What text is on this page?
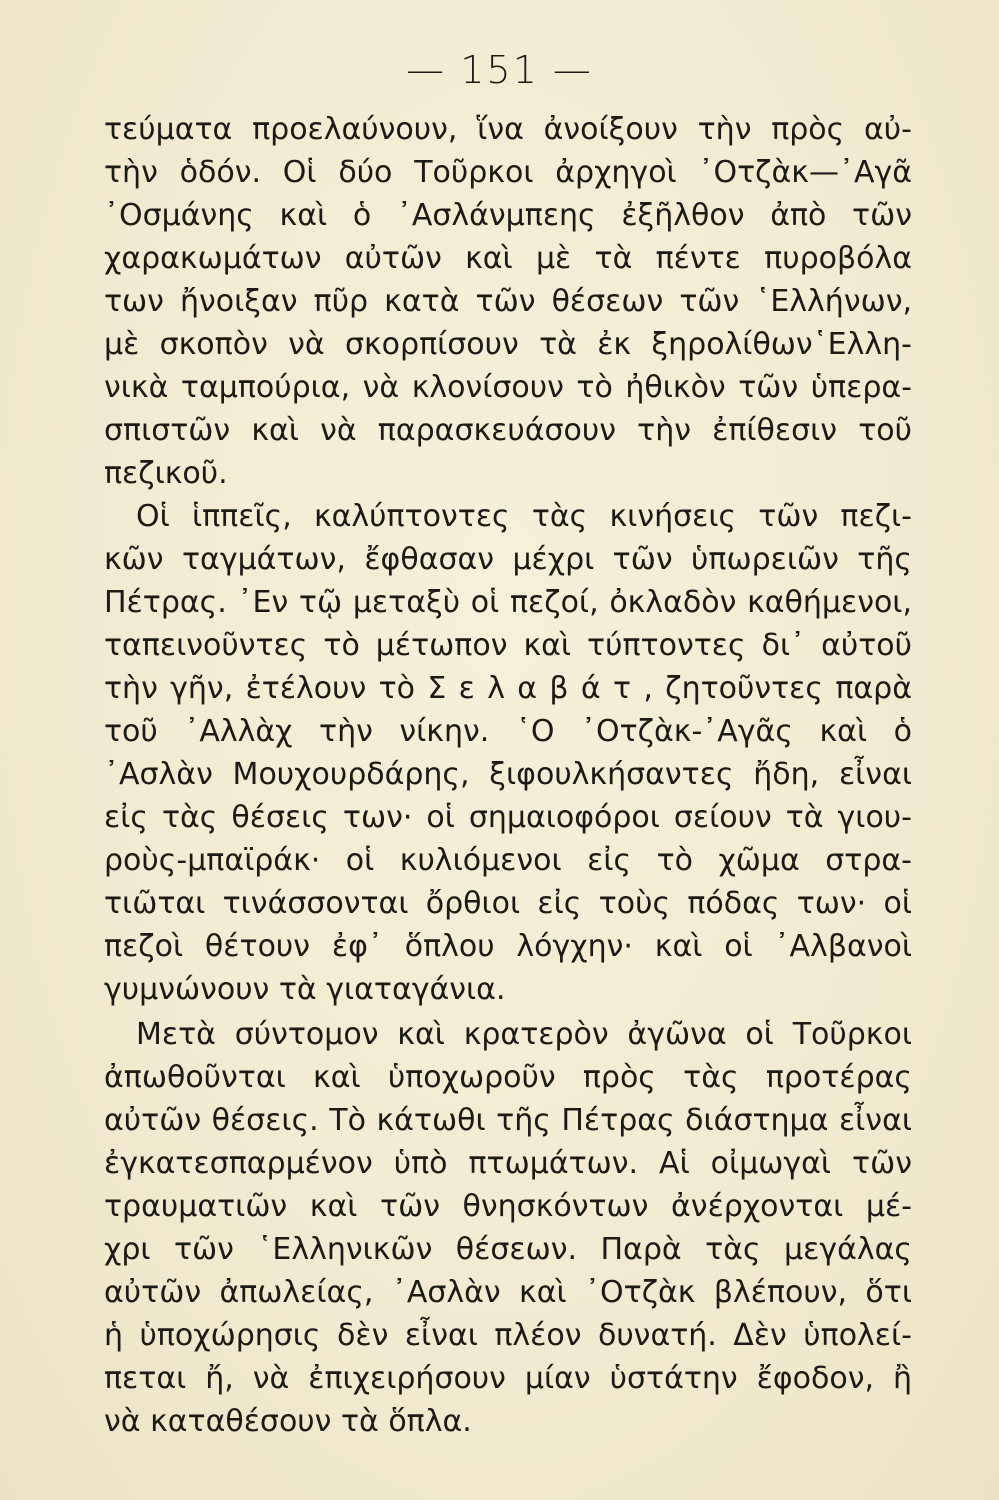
— 151 —
τεύματα προελαύνουν, ἵνα ἀνοίξουν τὴν πρὸς αὐ-
τὴν ὁδόν. Οἱ δύο Τοῦρκοι ἀρχηγοὶ ᾿Οτζὰκ—᾿Αγᾶ
᾿Οσμάνης καὶ ὁ ᾿Ασλάνμπεης ἐξῆλθον ἀπὸ τῶν
χαρακωμάτων αὐτῶν καὶ μὲ τὰ πέντε πυροβόλα
των ἤνοιξαν πῦρ κατὰ τῶν θέσεων τῶν ῾Ελλήνων,
μὲ σκοπὸν νὰ σκορπίσουν τὰ ἐκ ξηρολίθων῾Ελλη-
νικὰ ταμπούρια, νὰ κλονίσουν τὸ ἠθικὸν τῶν ὑπερα-
σπιστῶν καὶ νὰ παρασκευάσουν τὴν ἐπίθεσιν τοῦ
πεζικοῦ.
Οἱ ἱππεῖς, καλύπτοντες τὰς κινήσεις τῶν πεζι-
κῶν ταγμάτων, ἔφθασαν μέχρι τῶν ὑπωρειῶν τῆς
Πέτρας. ᾿Εν τῷ μεταξὺ οἱ πεζοί, ὀκλαδὸν καθήμενοι,
ταπεινοῦντες τὸ μέτωπον καὶ τύπτοντες δι᾿ αὐτοῦ
τὴν γῆν, ἐτέλουν τὸ Σ ε λ α β ά τ , ζητοῦντες παρὰ
τοῦ ᾿Αλλὰχ τὴν νίκην. ῾Ο ᾿Οτζὰκ-᾿Αγᾶς καὶ ὁ
᾿Ασλὰν Μουχουρδάρης, ξιφουλκήσαντες ἤδη, εἶναι
εἰς τὰς θέσεις των· οἱ σημαιοφόροι σείουν τὰ γιου-
ροὺς-μπαϊράκ· οἱ κυλιόμενοι εἰς τὸ χῶμα στρα-
τιῶται τινάσσονται ὄρθιοι εἰς τοὺς πόδας των· οἱ
πεζοὶ θέτουν ἐφ᾿ ὅπλου λόγχην· καὶ οἱ ᾿Αλβανοὶ
γυμνώνουν τὰ γιαταγάνια.
Μετὰ σύντομον καὶ κρατερὸν ἀγῶνα οἱ Τοῦρκοι
ἀπωθοῦνται καὶ ὑποχωροῦν πρὸς τὰς προτέρας
αὐτῶν θέσεις. Τὸ κάτωθι τῆς Πέτρας διάστημα εἶναι
ἐγκατεσπαρμένον ὑπὸ πτωμάτων. Αἱ οἰμωγαὶ τῶν
τραυματιῶν καὶ τῶν θνησκόντων ἀνέρχονται μέ-
χρι τῶν ῾Ελληνικῶν θέσεων. Παρὰ τὰς μεγάλας
αὐτῶν ἀπωλείας, ᾿Ασλὰν καὶ ᾿Οτζὰκ βλέπουν, ὅτι
ἡ ὑποχώρησις δὲν εἶναι πλέον δυνατή. Δὲν ὑπολεί-
πεται ἤ, νὰ ἐπιχειρήσουν μίαν ὑστάτην ἔφοδον, ἢ
νὰ καταθέσουν τὰ ὅπλα.
